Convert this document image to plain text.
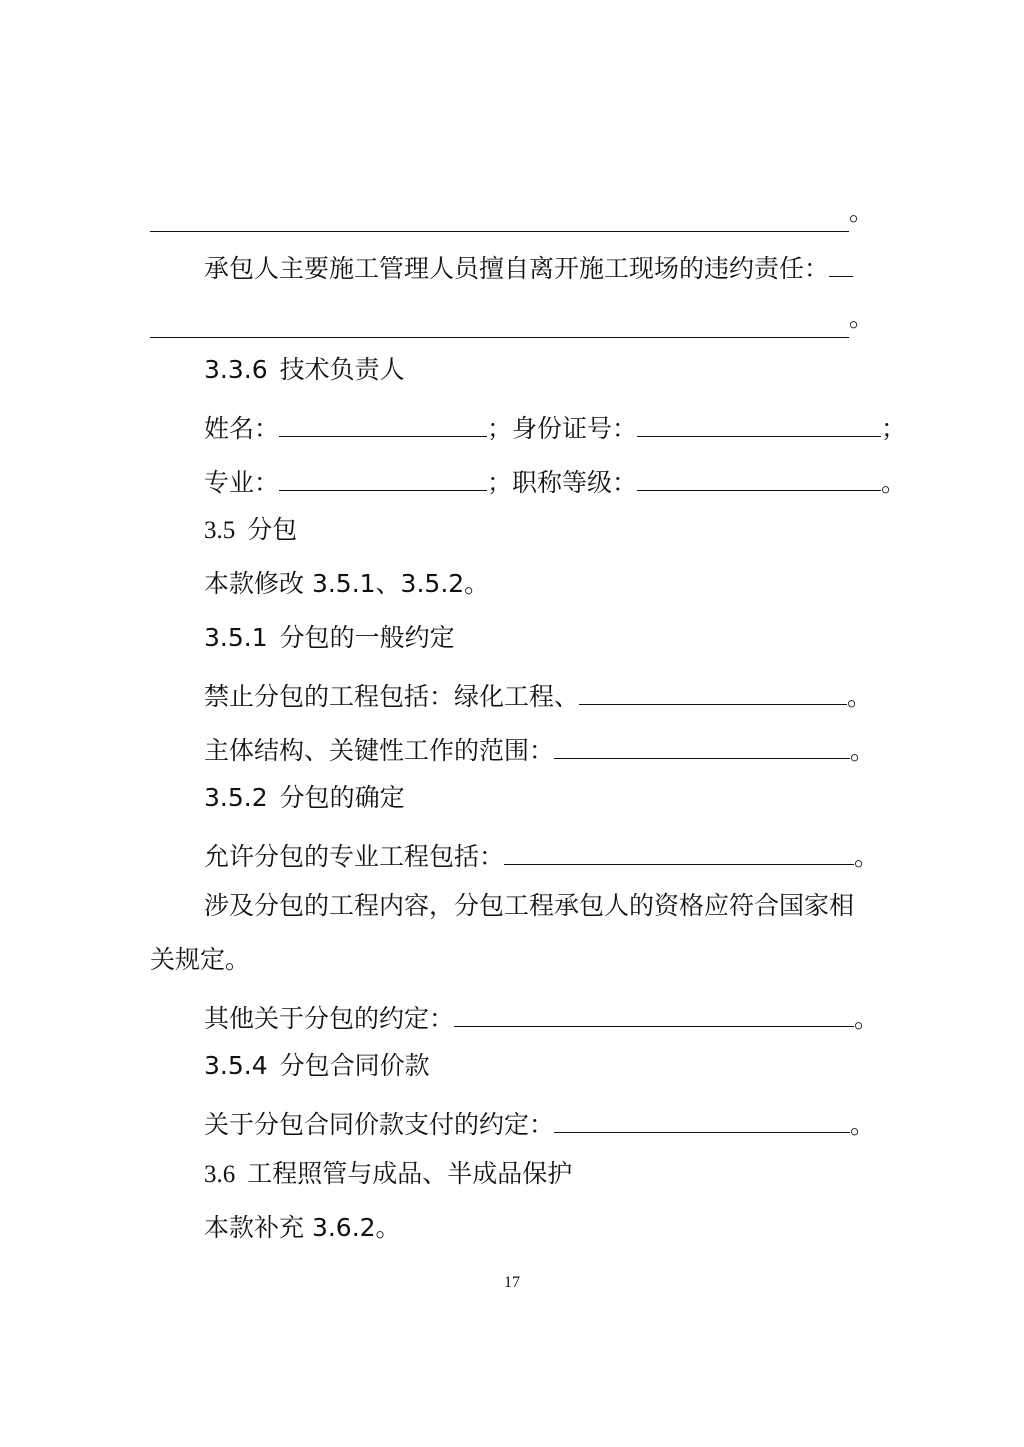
。
承包人主要施工管理人员擅自离开施工现场的违约责任：
。
3.3.6 技术负责人
姓名：	；身份证号：	；
专业：	；职称等级：	。
3.5 分包
本款修改 3.5.1、3.5.2。
3.5.1 分包的一般约定
禁止分包的工程包括：绿化工程、	。
主体结构、关键性工作的范围：	。
3.5.2 分包的确定
允许分包的专业工程包括：	。
涉及分包的工程内容，分包工程承包人的资格应符合国家相
关规定。
其他关于分包的约定：	。
3.5.4 分包合同价款
关于分包合同价款支付的约定：	。
3.6 工程照管与成品、半成品保护
本款补充 3.6.2。
17
